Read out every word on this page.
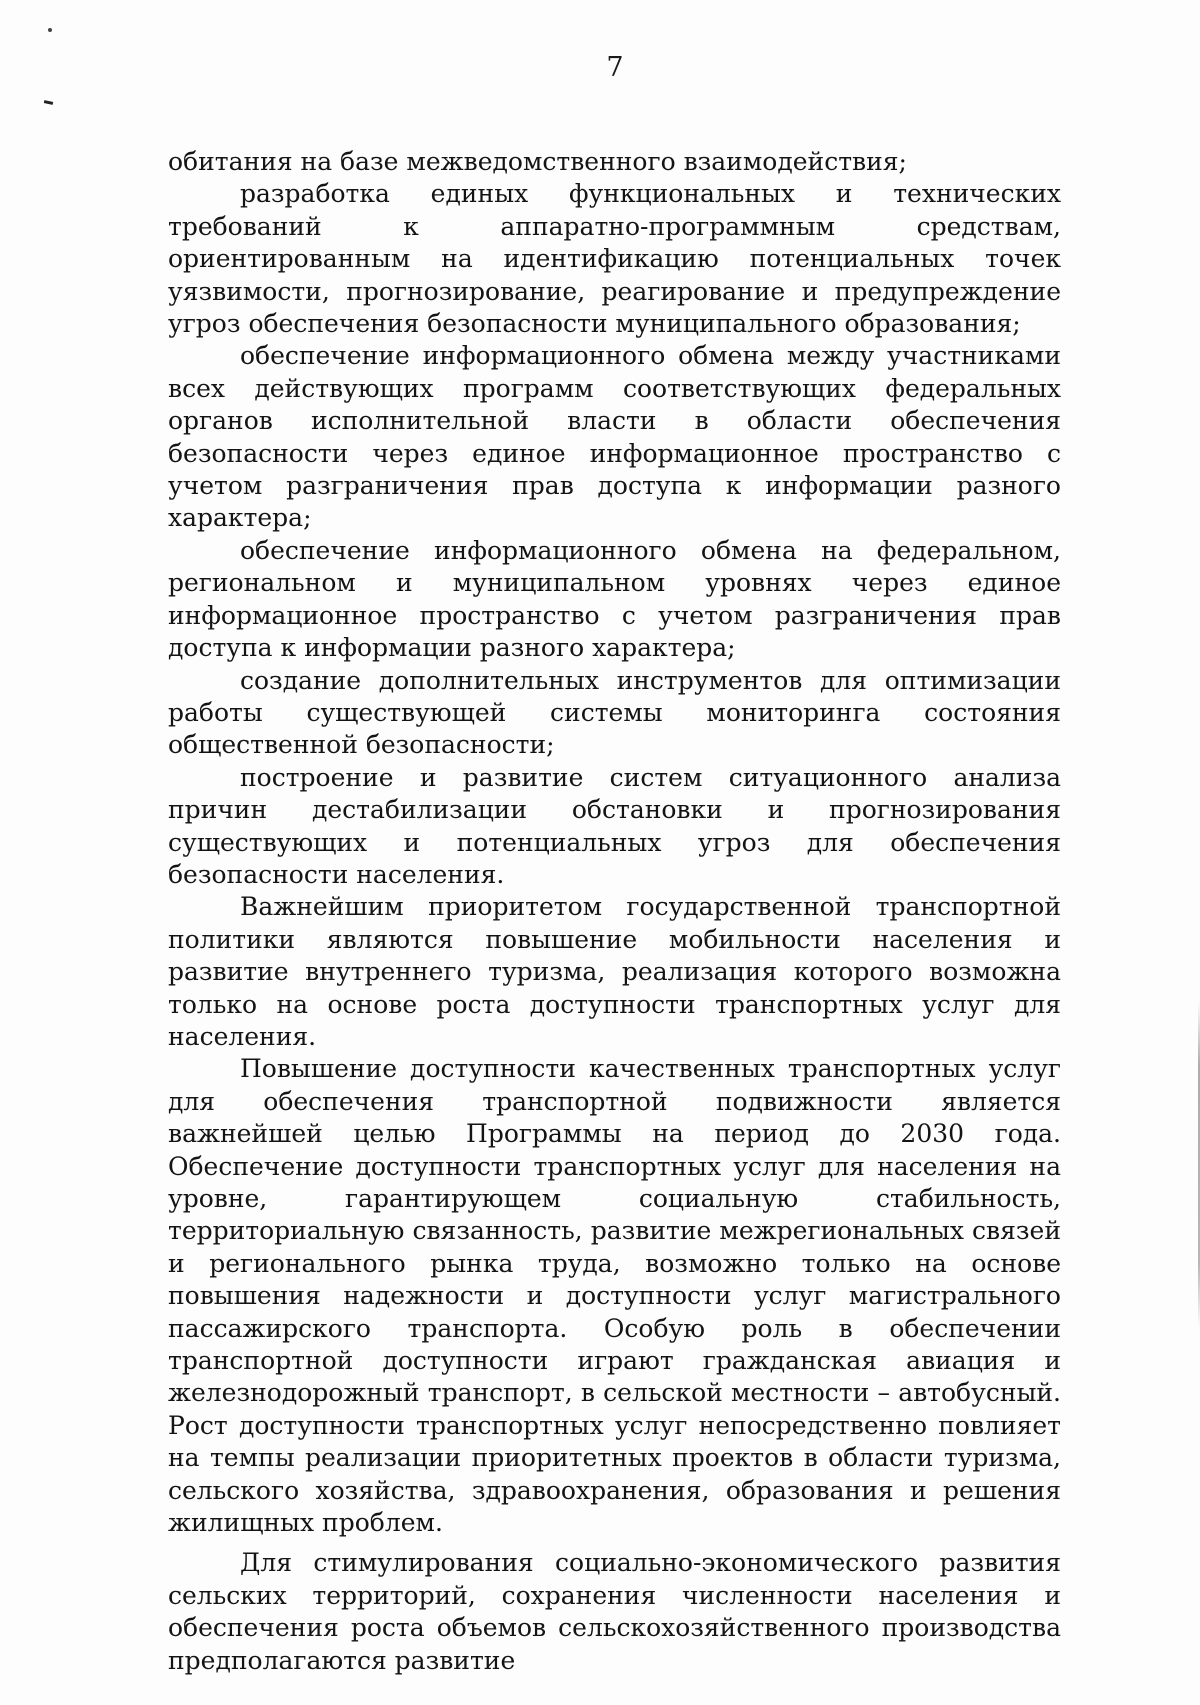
7

обитания на базе межведомственного взаимодействия;

разработка единых функциональных и технических требований к аппаратно-программным средствам, ориентированным на идентификацию потенциальных точек уязвимости, прогнозирование, реагирование и предупреждение угроз обеспечения безопасности муниципального образования;

обеспечение информационного обмена между участниками всех действующих программ соответствующих федеральных органов исполнительной власти в области обеспечения безопасности через единое информационное пространство с учетом разграничения прав доступа к информации разного характера;

обеспечение информационного обмена на федеральном, региональном и муниципальном уровнях через единое информационное пространство с учетом разграничения прав доступа к информации разного характера;

создание дополнительных инструментов для оптимизации работы существующей системы мониторинга состояния общественной безопасности;

построение и развитие систем ситуационного анализа причин дестабилизации обстановки и прогнозирования существующих и потенциальных угроз для обеспечения безопасности населения.

Важнейшим приоритетом государственной транспортной политики являются повышение мобильности населения и развитие внутреннего туризма, реализация которого возможна только на основе роста доступности транспортных услуг для населения.

Повышение доступности качественных транспортных услуг для обеспечения транспортной подвижности является важнейшей целью Программы на период до 2030 года. Обеспечение доступности транспортных услуг для населения на уровне, гарантирующем социальную стабильность, территориальную связанность, развитие межрегиональных связей и регионального рынка труда, возможно только на основе повышения надежности и доступности услуг магистрального пассажирского транспорта. Особую роль в обеспечении транспортной доступности играют гражданская авиация и железнодорожный транспорт, в сельской местности – автобусный. Рост доступности транспортных услуг непосредственно повлияет на темпы реализации приоритетных проектов в области туризма, сельского хозяйства, здравоохранения, образования и решения жилищных проблем.

Для стимулирования социально-экономического развития сельских территорий, сохранения численности населения и обеспечения роста объемов сельскохозяйственного производства предполагаются развитие
